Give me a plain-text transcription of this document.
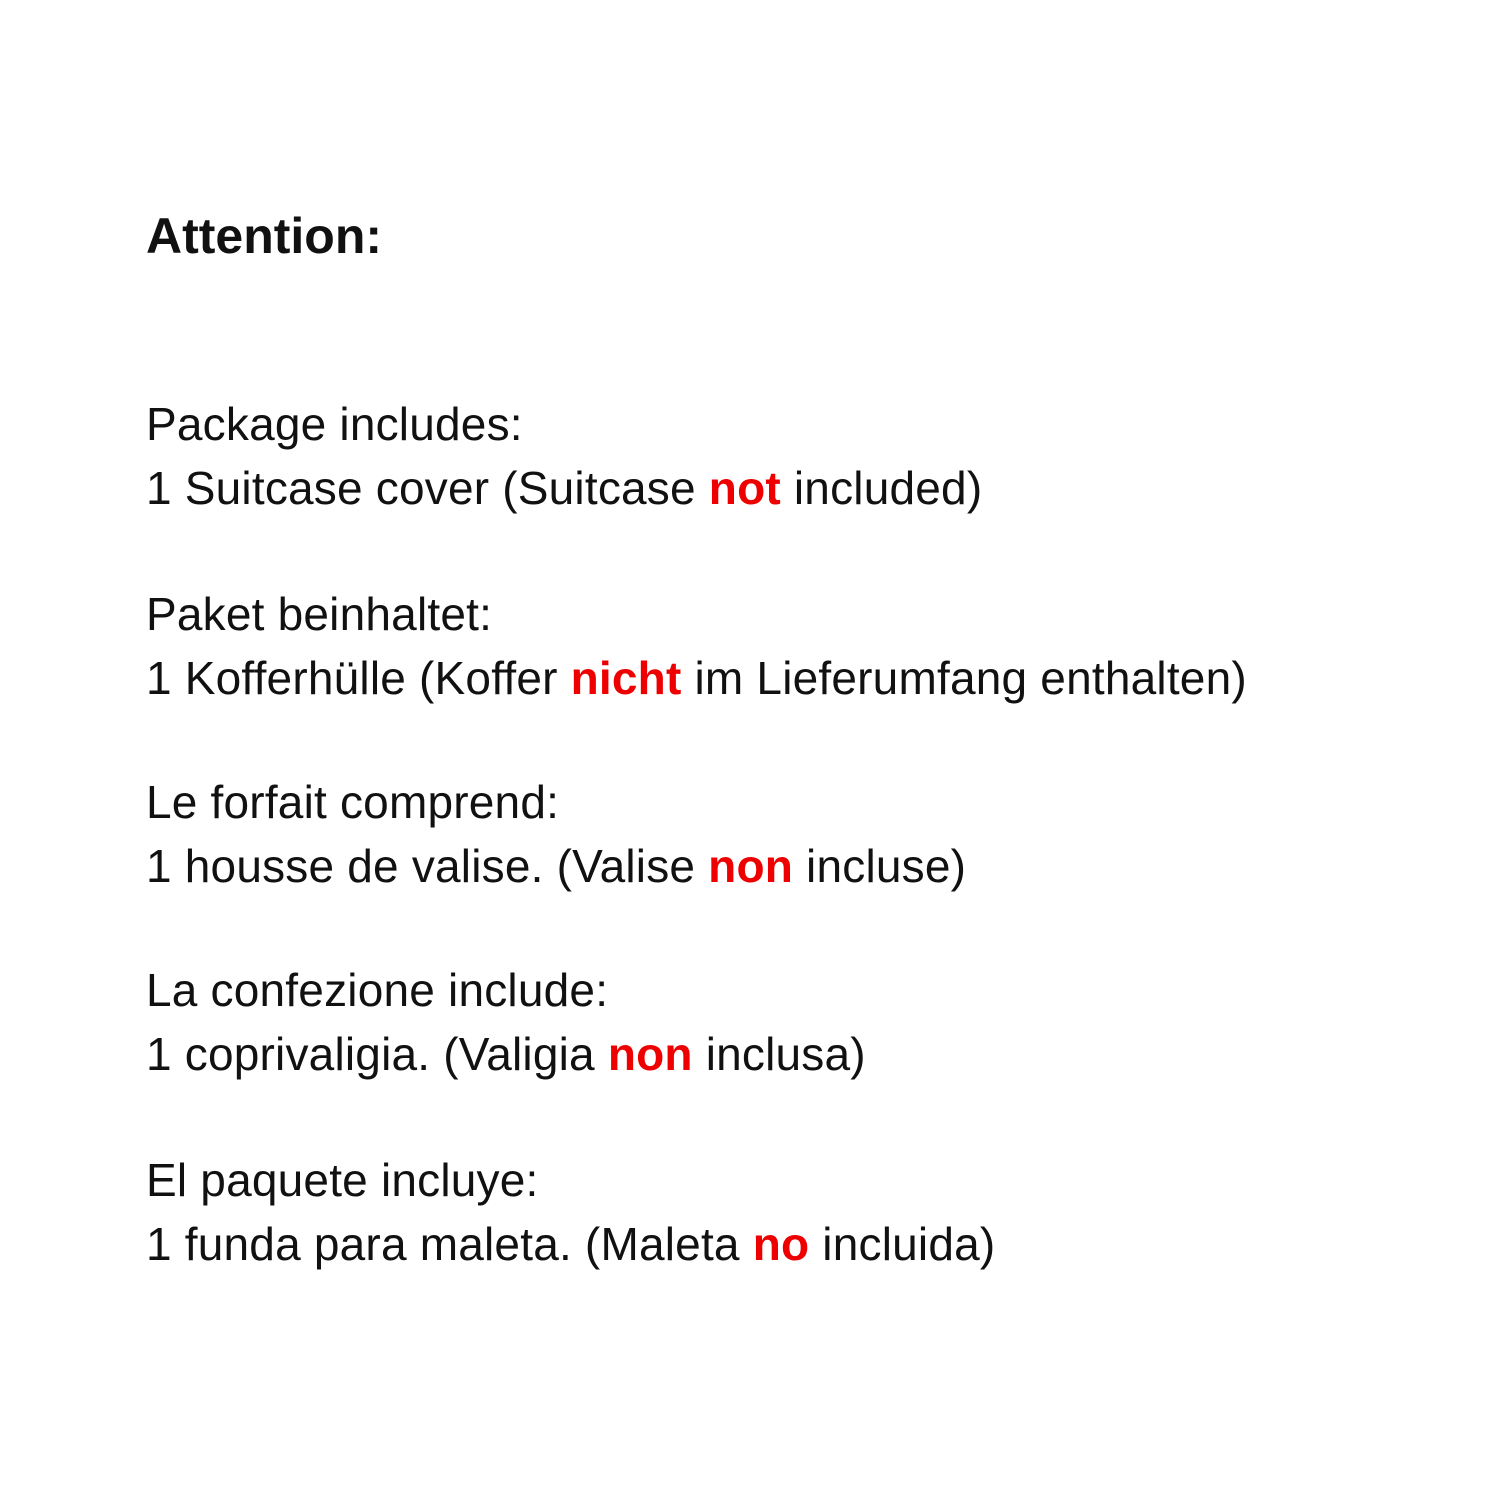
Attention:

Package includes:

1 Suitcase cover (Suitcase not included)

Paket beinhaltet:

1 Kofferhülle (Koffer nicht im Lieferumfang enthalten)

Le forfait comprend:

1 housse de valise. (Valise non incluse)

La confezione include:

1 coprivaligia. (Valigia non inclusa)

El paquete incluye:

1 funda para maleta. (Maleta no incluida)
